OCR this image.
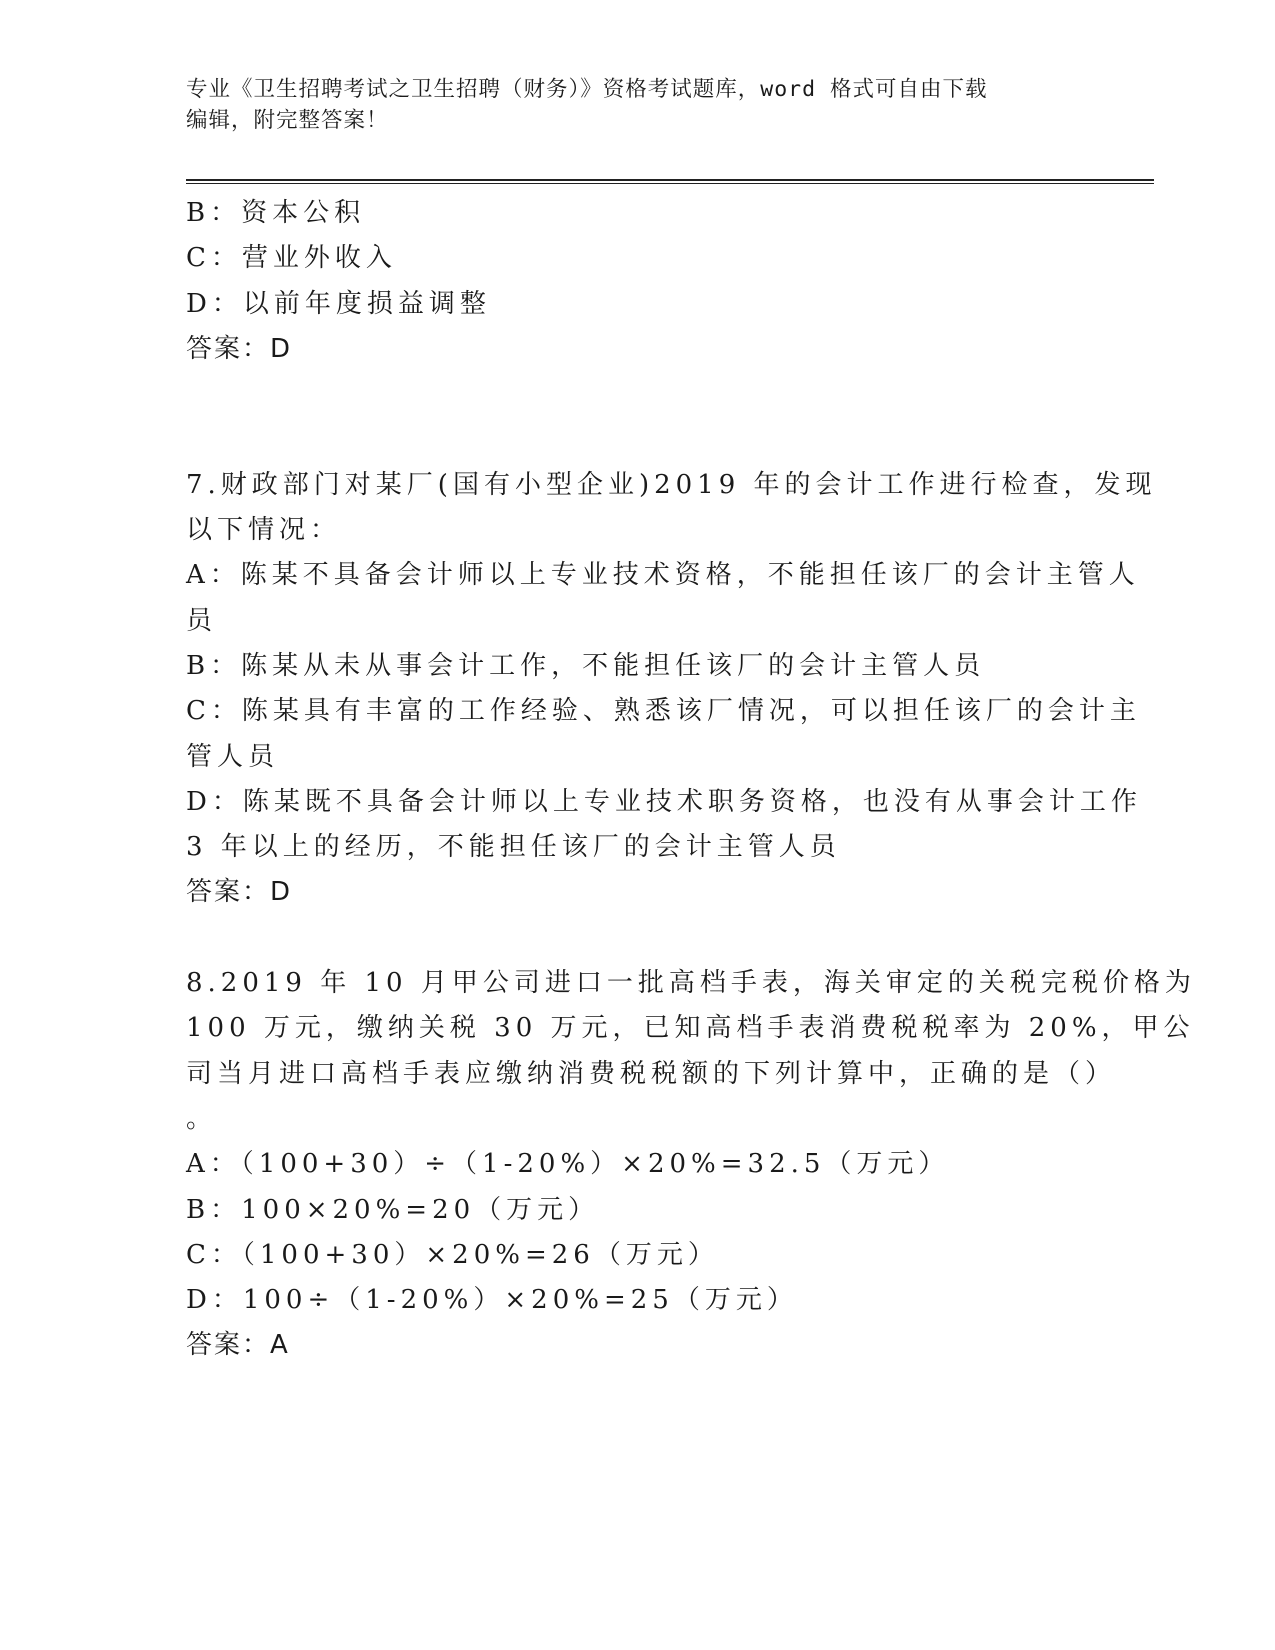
专业《卫生招聘考试之卫生招聘（财务）》资格考试题库，word 格式可自由下载
编辑，附完整答案！
B：资本公积
C：营业外收入
D：以前年度损益调整
答案：D
7.财政部门对某厂(国有小型企业)2019 年的会计工作进行检查，发现
以下情况：
A：陈某不具备会计师以上专业技术资格，不能担任该厂的会计主管人
员
B：陈某从未从事会计工作，不能担任该厂的会计主管人员
C：陈某具有丰富的工作经验、熟悉该厂情况，可以担任该厂的会计主
管人员
D：陈某既不具备会计师以上专业技术职务资格，也没有从事会计工作
3 年以上的经历，不能担任该厂的会计主管人员
答案：D
8.2019 年 10 月甲公司进口一批高档手表，海关审定的关税完税价格为
100 万元，缴纳关税 30 万元，已知高档手表消费税税率为 20%，甲公
司当月进口高档手表应缴纳消费税税额的下列计算中，正确的是（）
。
A：（100+30）÷（1-20%）×20%=32.5（万元）
B：100×20%=20（万元）
C：（100+30）×20%=26（万元）
D：100÷（1-20%）×20%=25（万元）
答案：A
